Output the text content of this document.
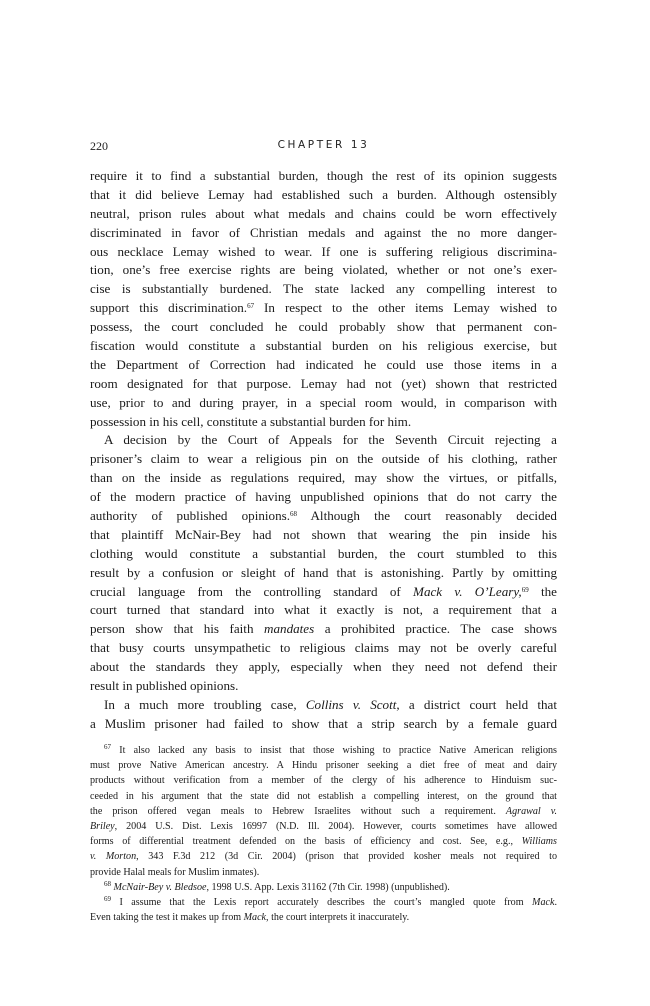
220	CHAPTER 13
require it to find a substantial burden, though the rest of its opinion suggests
that it did believe Lemay had established such a burden. Although ostensibly
neutral, prison rules about what medals and chains could be worn effectively
discriminated in favor of Christian medals and against the no more danger-
ous necklace Lemay wished to wear. If one is suffering religious discrimina-
tion, one’s free exercise rights are being violated, whether or not one’s exer-
cise is substantially burdened. The state lacked any compelling interest to
support this discrimination.$^{67}$ In respect to the other items Lemay wished to
possess, the court concluded he could probably show that permanent con-
fiscation would constitute a substantial burden on his religious exercise, but
the Department of Correction had indicated he could use those items in a
room designated for that purpose. Lemay had not (yet) shown that restricted
use, prior to and during prayer, in a special room would, in comparison with
possession in his cell, constitute a substantial burden for him.
A decision by the Court of Appeals for the Seventh Circuit rejecting a
prisoner’s claim to wear a religious pin on the outside of his clothing, rather
than on the inside as regulations required, may show the virtues, or pitfalls,
of the modern practice of having unpublished opinions that do not carry the
authority of published opinions.$^{68}$ Although the court reasonably decided
that plaintiff McNair-Bey had not shown that wearing the pin inside his
clothing would constitute a substantial burden, the court stumbled to this
result by a confusion or sleight of hand that is astonishing. Partly by omitting
crucial language from the controlling standard of Mack v. O’Leary,$^{69}$ the
court turned that standard into what it exactly is not, a requirement that a
person show that his faith mandates a prohibited practice. The case shows
that busy courts unsympathetic to religious claims may not be overly careful
about the standards they apply, especially when they need not defend their
result in published opinions.
In a much more troubling case, Collins v. Scott, a district court held that
a Muslim prisoner had failed to show that a strip search by a female guard
$^{67}$ It also lacked any basis to insist that those wishing to practice Native American religions
must prove Native American ancestry. A Hindu prisoner seeking a diet free of meat and dairy
products without verification from a member of the clergy of his adherence to Hinduism suc-
ceeded in his argument that the state did not establish a compelling interest, on the ground that
the prison offered vegan meals to Hebrew Israelites without such a requirement. Agrawal v.
Briley, 2004 U.S. Dist. Lexis 16997 (N.D. Ill. 2004). However, courts sometimes have allowed
forms of differential treatment defended on the basis of efficiency and cost. See, e.g., Williams
v. Morton, 343 F.3d 212 (3d Cir. 2004) (prison that provided kosher meals not required to
provide Halal meals for Muslim inmates).
$^{68}$ McNair-Bey v. Bledsoe, 1998 U.S. App. Lexis 31162 (7th Cir. 1998) (unpublished).
$^{69}$ I assume that the Lexis report accurately describes the court’s mangled quote from Mack.
Even taking the test it makes up from Mack, the court interprets it inaccurately.
